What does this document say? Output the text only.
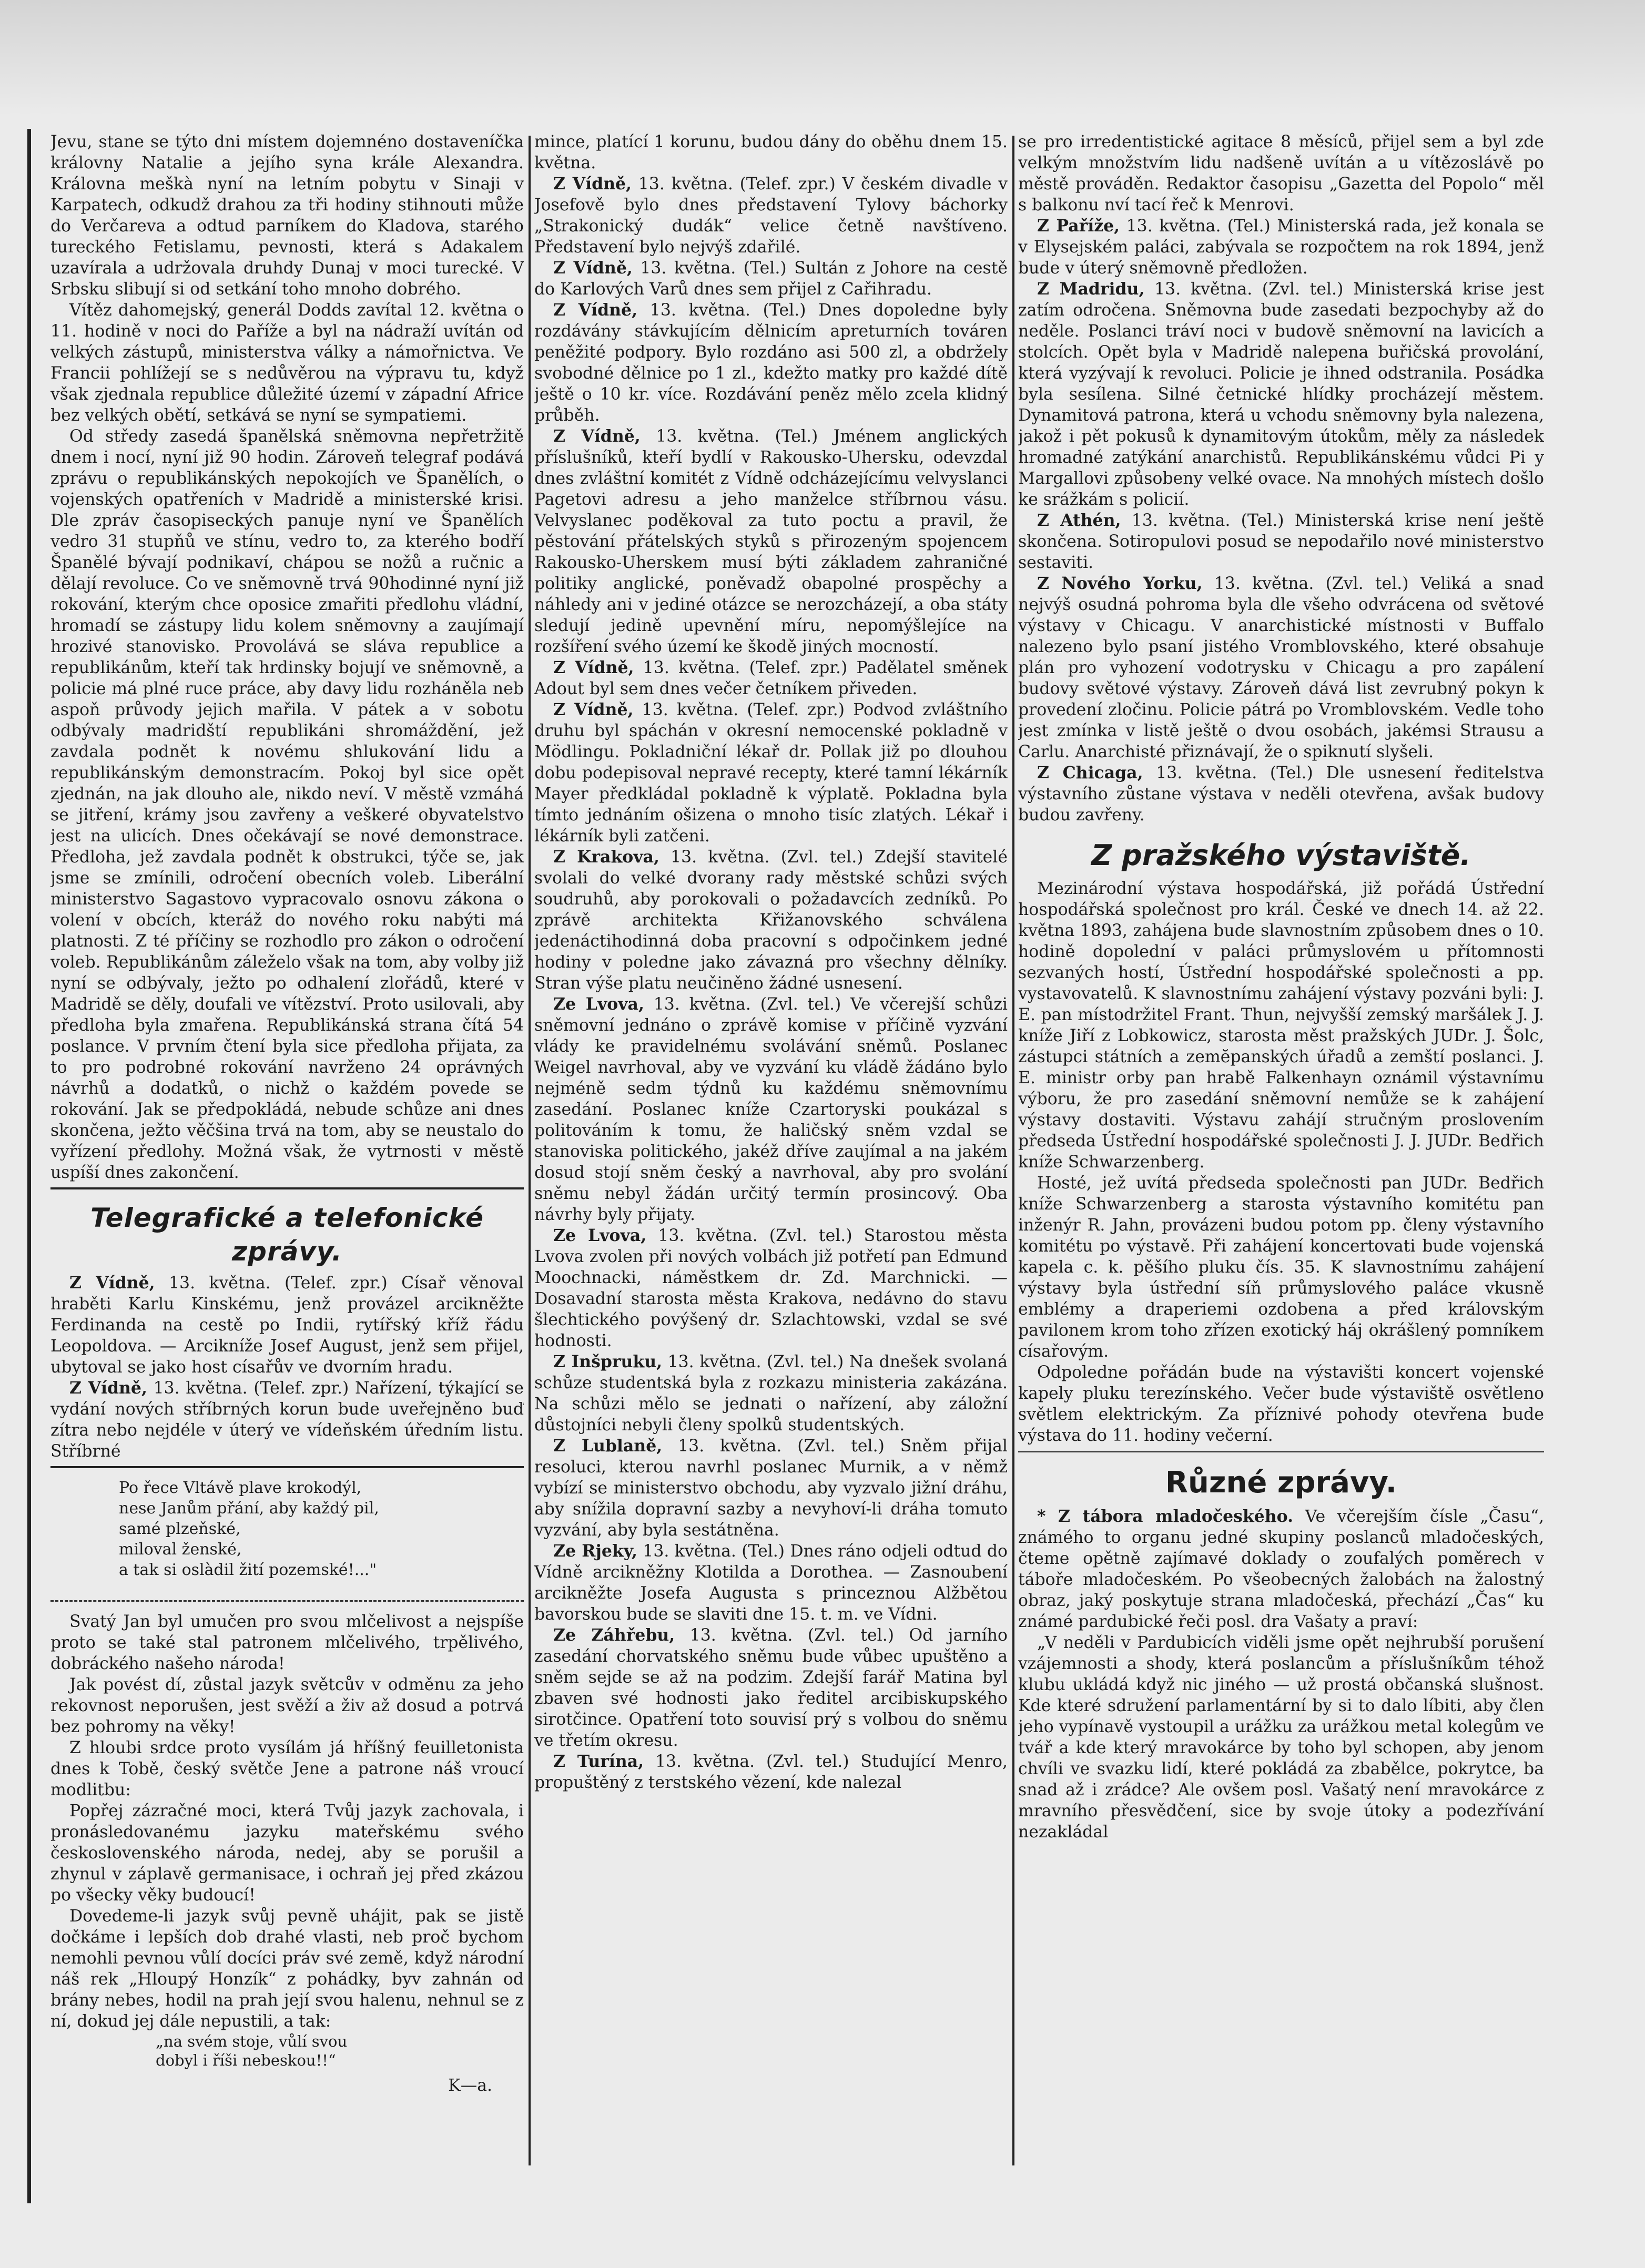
Jevu, stane se týto dni místem dojemnéno dostaveníčka královny Natalie a jejího syna krále Alexandra. Královna meškà nyní na letním pobytu v Sinaji v Karpatech, odkudž drahou za tři hodiny stihnouti může do Verčareva a odtud parníkem do Kladova, starého tureckého Fetislamu, pevnosti, která s Adakalem uzavírala a udržovala druhdy Dunaj v moci turecké. V Srbsku slibují si od setkání toho mnoho dobrého.

Vítěz dahomejský, generál Dodds zavítal 12. května o 11. hodině v noci do Paříže a byl na nádraží uvítán od velkých zástupů, ministerstva války a námořnictva. Ve Francii pohlížejí se s nedůvěrou na výpravu tu, když však zjednala republice důležité území v západní Africe bez velkých obětí, setkává se nyní se sympatiemi.

Od středy zasedá španělská sněmovna nepřetržitě dnem i nocí, nyní již 90 hodin. Zároveň telegraf podává zprávu o republikánských nepokojích ve Španělích, o vojenských opatřeních v Madridě a ministerské krisi. Dle zpráv časopiseckých panuje nyní ve Španělích vedro 31 stupňů ve stínu, vedro to, za kterého bodří Španělé bývají podnikaví, chápou se nožů a ručnic a dělají revoluce. Co ve sněmovně trvá 90hodinné nyní již rokování, kterým chce oposice zmařiti předlohu vládní, hromadí se zástupy lidu kolem sněmovny a zaujímají hrozivé stanovisko. Provolává se sláva republice a republikánům, kteří tak hrdinsky bojují ve sněmovně, a policie má plné ruce práce, aby davy lidu rozháněla neb aspoň průvody jejich mařila. V pátek a v sobotu odbývaly madridští republikáni shromáždění, jež zavdala podnět k novému shlukování lidu a republikánským demonstracím. Pokoj byl sice opět zjednán, na jak dlouho ale, nikdo neví. V městě vzmáhá se jitření, krámy jsou zavřeny a veškeré obyvatelstvo jest na ulicích. Dnes očekávají se nové demonstrace. Předloha, jež zavdala podnět k obstrukci, týče se, jak jsme se zmínili, odročení obecních voleb. Liberální ministerstvo Sagastovo vypracovalo osnovu zákona o volení v obcích, kteráž do nového roku nabýti má platnosti. Z té příčiny se rozhodlo pro zákon o odročení voleb. Republikánům záleželo však na tom, aby volby již nyní se odbývaly, ježto po odhalení zlořádů, které v Madridě se děly, doufali ve vítězství. Proto usilovali, aby předloha byla zmařena. Republikánská strana čítá 54 poslance. V prvním čtení byla sice předloha přijata, za to pro podrobné rokování navrženo 24 oprávných návrhů a dodatků, o nichž o každém povede se rokování. Jak se předpokládá, nebude schůze ani dnes skončena, ježto věčšina trvá na tom, aby se neustalo do vyřízení předlohy. Možná však, že vytrnosti v městě uspíší dnes zakončení.

Telegrafické a telefonické zprávy.

Z Vídně, 13. května. (Telef. zpr.) Císař věnoval hraběti Karlu Kinskému, jenž provázel arcikněžte Ferdinanda na cestě po Indii, rytířský kříž řádu Leopoldova. — Arcikníže Josef August, jenž sem přijel, ubytoval se jako host císařův ve dvorním hradu.

Z Vídně, 13. května. (Telef. zpr.) Nařízení, týkající se vydání nových stříbrných korun bude uveřejněno buď zítra nebo nejdéle v úterý ve vídeňském úředním listu. Stříbrné

Po řece Vltávě plave krokodýl,
nese Janům přání, aby každý pil,
samé plzeňské,
miloval ženské,
a tak si oslàdil žití pozemské!..."

Svatý Jan byl umučen pro svou mlčelivost a nejspíše proto se také stal patronem mlčelivého, trpělivého, dobráckého našeho národa!

Jak povést dí, zůstal jazyk světcův v odměnu za jeho rekovnost neporušen, jest svěží a živ až dosud a potrvá bez pohromy na věky!

Z hloubi srdce proto vysílám já hříšný feuilletonista dnes k Tobě, český světče Jene a patrone náš vroucí modlitbu:

Popřej zázračné moci, která Tvůj jazyk zachovala, i pronásledovanému jazyku mateřskému svého československého národa, nedej, aby se porušil a zhynul v záplavě germanisace, i ochraň jej před zkázou po všecky věky budoucí!

Dovedeme-li jazyk svůj pevně uhájit, pak se jistě dočkáme i lepších dob drahé vlasti, neb proč bychom nemohli pevnou vůlí docíci práv své země, když národní náš rek „Hloupý Honzík“ z pohádky, byv zahnán od brány nebes, hodil na prah její svou halenu, nehnul se z ní, dokud jej dále nepustili, a tak:

„na svém stoje, vůlí svou
dobyl i říši nebeskou!!“
K—a.

mince, platící 1 korunu, budou dány do oběhu dnem 15. května.

Z Vídně, 13. května. (Telef. zpr.) V českém divadle v Josefově bylo dnes představení Tylovy báchorky „Strakonický dudák“ velice četně navštíveno. Představení bylo nejvýš zdařilé.

Z Vídně, 13. května. (Tel.) Sultán z Johore na cestě do Karlových Varů dnes sem přijel z Cařihradu.

Z Vídně, 13. května. (Tel.) Dnes dopoledne byly rozdávány stávkujícím dělnicím apreturních továren peněžité podpory. Bylo rozdáno asi 500 zl, a obdržely svobodné dělnice po 1 zl., kdežto matky pro každé dítě ještě o 10 kr. více. Rozdávání peněz mělo zcela klidný průběh.

Z Vídně, 13. května. (Tel.) Jménem anglických příslušníků, kteří bydlí v Rakousko-Uhersku, odevzdal dnes zvláštní komitét z Vídně odcházejícímu velvyslanci Pagetovi adresu a jeho manželce stříbrnou vásu. Velvyslanec poděkoval za tuto poctu a pravil, že pěstování přátelských styků s přirozeným spojencem Rakousko-Uherskem musí býti základem zahraničné politiky anglické, poněvadž obapolné prospěchy a náhledy ani v jediné otázce se nerozcházejí, a oba státy sledují jedině upevnění míru, nepomýšlejíce na rozšíření svého území ke škodě jiných mocností.

Z Vídně, 13. května. (Telef. zpr.) Padělatel směnek Adout byl sem dnes večer četníkem přiveden.

Z Vídně, 13. května. (Telef. zpr.) Podvod zvláštního druhu byl spáchán v okresní nemocenské pokladně v Mödlingu. Pokladniční lékař dr. Pollak již po dlouhou dobu podepisoval nepravé recepty, které tamní lékárník Mayer předkládal pokladně k výplatě. Pokladna byla tímto jednáním ošizena o mnoho tisíc zlatých. Lékař i lékárník byli zatčeni.

Z Krakova, 13. května. (Zvl. tel.) Zdejší stavitelé svolali do velké dvorany rady městské schůzi svých soudruhů, aby porokovali o požadavcích zedníků. Po zprávě architekta Křižanovského schválena jedenáctihodinná doba pracovní s odpočinkem jedné hodiny v poledne jako závazná pro všechny dělníky. Stran výše platu neučiněno žádné usnesení.

Ze Lvova, 13. května. (Zvl. tel.) Ve včerejší schůzi sněmovní jednáno o zprávě komise v příčině vyzvání vlády ke pravidelnému svolávání sněmů. Poslanec Weigel navrhoval, aby ve vyzvání ku vládě žádáno bylo nejméně sedm týdnů ku každému sněmovnímu zasedání. Poslanec kníže Czartoryski poukázal s politováním k tomu, že haličský sněm vzdal se stanoviska politického, jakéž dříve zaujímal a na jakém dosud stojí sněm český a navrhoval, aby pro svolání sněmu nebyl žádán určitý termín prosincový. Oba návrhy byly přijaty.

Ze Lvova, 13. května. (Zvl. tel.) Starostou města Lvova zvolen při nových volbách již potřetí pan Edmund Moochnacki, náměstkem dr. Zd. Marchnicki. — Dosavadní starosta města Krakova, nedávno do stavu šlechtického povýšený dr. Szlachtowski, vzdal se své hodnosti.

Z Inšpruku, 13. května. (Zvl. tel.) Na dnešek svolaná schůze studentská byla z rozkazu ministeria zakázána. Na schůzi mělo se jednati o nařízení, aby záložní důstojníci nebyli členy spolků studentských.

Z Lublaně, 13. května. (Zvl. tel.) Sněm přijal resoluci, kterou navrhl poslanec Murnik, a v němž vybízí se ministerstvo obchodu, aby vyzvalo jižní dráhu, aby snížila dopravní sazby a nevyhoví-li dráha tomuto vyzvání, aby byla sestátněna.

Ze Rjeky, 13. května. (Tel.) Dnes ráno odjeli odtud do Vídně arcikněžny Klotilda a Dorothea. — Zasnoubení arcikněžte Josefa Augusta s princeznou Alžbětou bavorskou bude se slaviti dne 15. t. m. ve Vídni.

Ze Záhřebu, 13. května. (Zvl. tel.) Od jarního zasedání chorvatského sněmu bude vůbec upuštěno a sněm sejde se až na podzim. Zdejší farář Matina byl zbaven své hodnosti jako ředitel arcibiskupského sirotčince. Opatření toto souvisí prý s volbou do sněmu ve třetím okresu.

Z Turína, 13. května. (Zvl. tel.) Studující Menro, propuštěný z terstského vězení, kde nalezal

se pro irredentistické agitace 8 měsíců, přijel sem a byl zde velkým množstvím lidu nadšeně uvítán a u vítězoslávě po městě prováděn. Redaktor časopisu „Gazetta del Popolo“ měl s balkonu nví tací řeč k Menrovi.

Z Paříže, 13. května. (Tel.) Ministerská rada, jež konala se v Elysejském paláci, zabývala se rozpočtem na rok 1894, jenž bude v úterý sněmovně předložen.

Z Madridu, 13. května. (Zvl. tel.) Ministerská krise jest zatím odročena. Sněmovna bude zasedati bezpochyby až do neděle. Poslanci tráví noci v budově sněmovní na lavicích a stolcích. Opět byla v Madridě nalepena buřičská provolání, která vyzývají k revoluci. Policie je ihned odstranila. Posádka byla sesílena. Silné četnické hlídky procházejí městem. Dynamitová patrona, která u vchodu sněmovny byla nalezena, jakož i pět pokusů k dynamitovým útokům, měly za následek hromadné zatýkání anarchistů. Republikánskému vůdci Pi y Margallovi způsobeny velké ovace. Na mnohých místech došlo ke srážkám s policií.

Z Athén, 13. května. (Tel.) Ministerská krise není ještě skončena. Sotiropulovi posud se nepodařilo nové ministerstvo sestaviti.

Z Nového Yorku, 13. května. (Zvl. tel.) Veliká a snad nejvýš osudná pohroma byla dle všeho odvrácena od světové výstavy v Chicagu. V anarchistické místnosti v Buffalo nalezeno bylo psaní jistého Vromblovského, které obsahuje plán pro vyhození vodotrysku v Chicagu a pro zapálení budovy světové výstavy. Zároveň dává list zevrubný pokyn k provedení zločinu. Policie pátrá po Vromblovském. Vedle toho jest zmínka v listě ještě o dvou osobách, jakémsi Strausu a Carlu. Anarchisté přiznávají, že o spiknutí slyšeli.

Z Chicaga, 13. května. (Tel.) Dle usnesení ředitelstva výstavního zůstane výstava v neděli otevřena, avšak budovy budou zavřeny.

Z pražského výstaviště.

Mezinárodní výstava hospodářská, již pořádá Ústřední hospodářská společnost pro král. České ve dnech 14. až 22. května 1893, zahájena bude slavnostním způsobem dnes o 10. hodině dopolední v paláci průmyslovém u přítomnosti sezvaných hostí, Ústřední hospodářské společnosti a pp. vystavovatelů. K slavnostnímu zahájení výstavy pozváni byli: J. E. pan místodržitel Frant. Thun, nejvyšší zemský maršálek J. J. kníže Jiří z Lobkowicz, starosta měst pražských JUDr. J. Šolc, zástupci státních a zemĕpanských úřadů a zemští poslanci. J. E. ministr orby pan hrabě Falkenhayn oznámil výstavnímu výboru, že pro zasedání sněmovní nemůže se k zahájení výstavy dostaviti. Výstavu zahájí stručným proslovením předseda Ústřední hospodářské společnosti J. J. JUDr. Bedřich kníže Schwarzenberg.

Hosté, jež uvítá předseda společnosti pan JUDr. Bedřich kníže Schwarzenberg a starosta výstavního komitétu pan inženýr R. Jahn, provázeni budou potom pp. členy výstavního komitétu po výstavě. Při zahájení koncertovati bude vojenská kapela c. k. pěšího pluku čís. 35. K slavnostnímu zahájení výstavy byla ústřední síň průmyslového paláce vkusně emblémy a draperiemi ozdobena a před královským pavilonem krom toho zřízen exotický háj okrášlený pomníkem císařovým.

Odpoledne pořádán bude na výstavišti koncert vojenské kapely pluku terezínského. Večer bude výstaviště osvětleno světlem elektrickým. Za příznivé pohody otevřena bude výstava do 11. hodiny večerní.

Různé zprávy.

* Z tábora mladočeského. Ve včerejším čísle „Času“, známého to organu jedné skupiny poslanců mladočeských, čteme opětně zajímavé doklady o zoufalých poměrech v táboře mladočeském. Po všeobecných žalobách na žalostný obraz, jaký poskytuje strana mladočeská, přechází „Čas“ ku známé pardubické řeči posl. dra Vašaty a praví:

„V neděli v Pardubicích viděli jsme opět nejhrubší porušení vzájemnosti a shody, která poslancům a příslušníkům téhož klubu ukládá když nic jiného — už prostá občanská slušnost. Kde které sdružení parlamentární by si to dalo líbiti, aby člen jeho vypínavě vystoupil a urážku za urážkou metal kolegům ve tvář a kde který mravokárce by toho byl schopen, aby jenom chvíli ve svazku lidí, které pokládá za zbabělce, pokrytce, ba snad až i zrádce? Ale ovšem posl. Vašatý není mravokárce z mravního přesvědčení, sice by svoje útoky a podezřívání nezakládal
